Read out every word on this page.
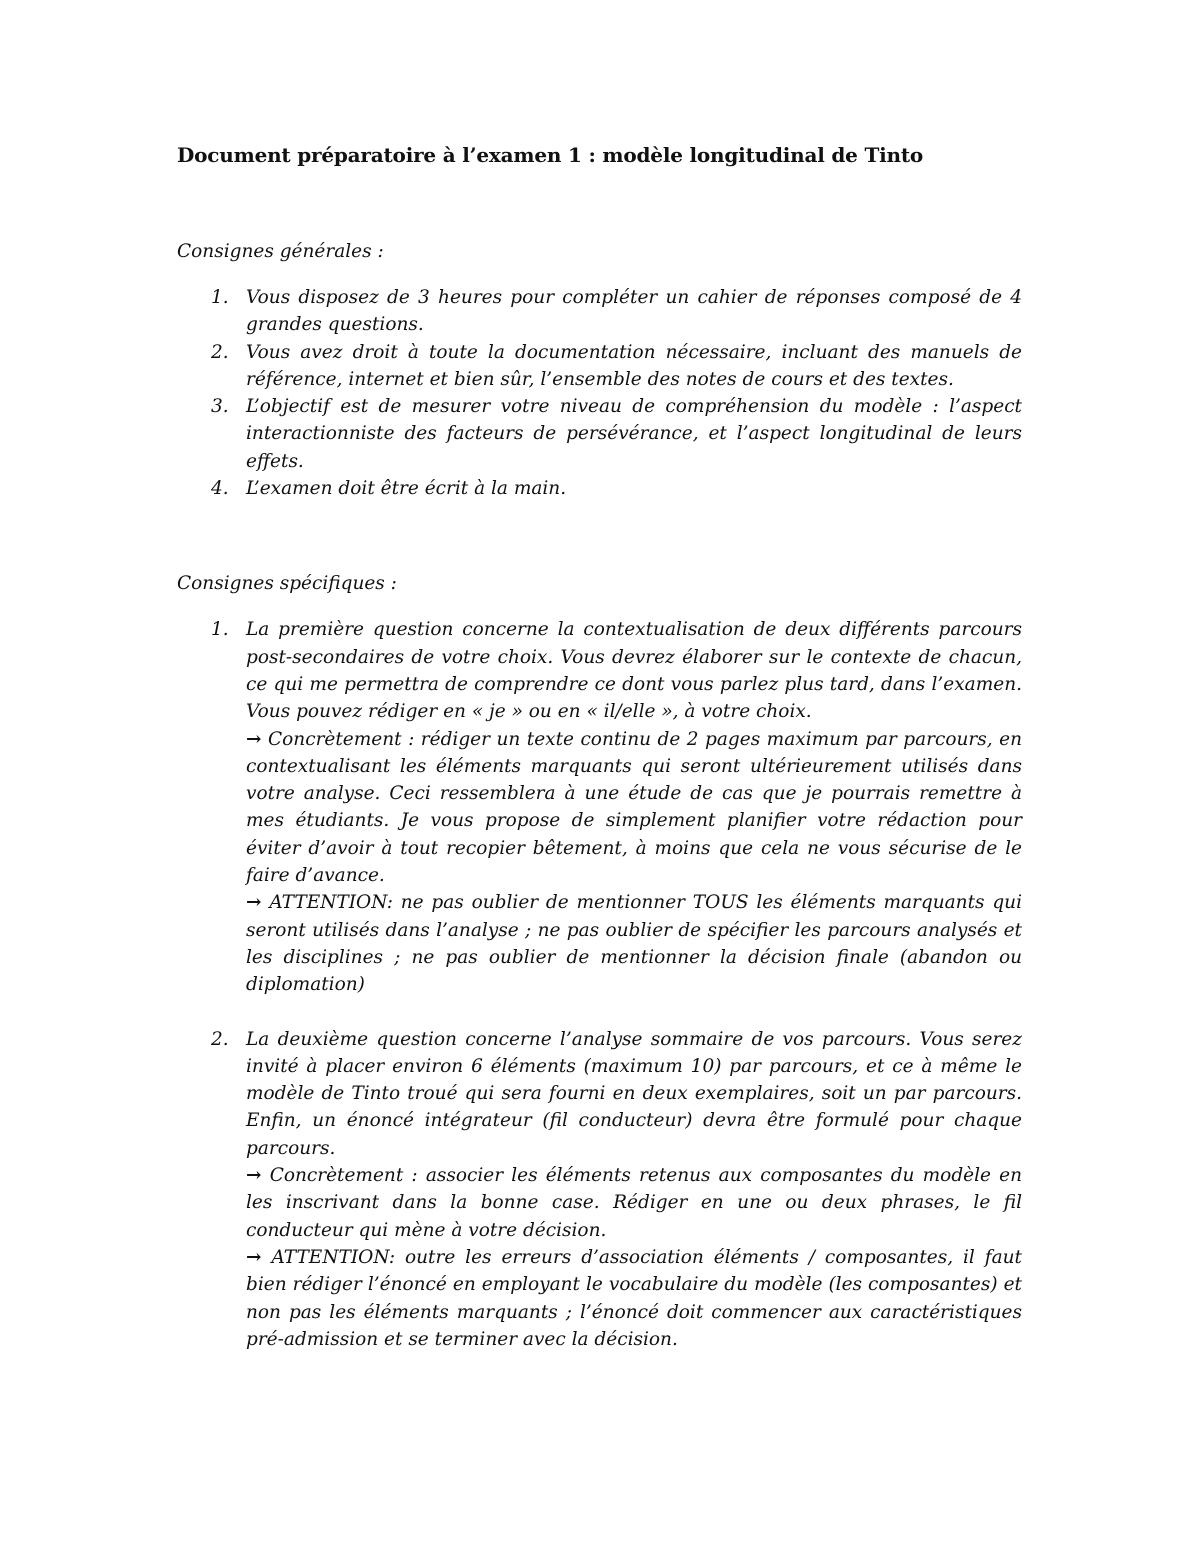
Document préparatoire à l’examen 1 : modèle longitudinal de Tinto

Consignes générales :

1. Vous disposez de 3 heures pour compléter un cahier de réponses composé de 4 grandes questions.
2. Vous avez droit à toute la documentation nécessaire, incluant des manuels de référence, internet et bien sûr, l’ensemble des notes de cours et des textes.
3. L’objectif est de mesurer votre niveau de compréhension du modèle : l’aspect interactionniste des facteurs de persévérance, et l’aspect longitudinal de leurs effets.
4. L’examen doit être écrit à la main.

Consignes spécifiques :

1. La première question concerne la contextualisation de deux différents parcours post-secondaires de votre choix. Vous devrez élaborer sur le contexte de chacun, ce qui me permettra de comprendre ce dont vous parlez plus tard, dans l’examen. Vous pouvez rédiger en « je » ou en « il/elle », à votre choix.
→ Concrètement : rédiger un texte continu de 2 pages maximum par parcours, en contextualisant les éléments marquants qui seront ultérieurement utilisés dans votre analyse. Ceci ressemblera à une étude de cas que je pourrais remettre à mes étudiants. Je vous propose de simplement planifier votre rédaction pour éviter d’avoir à tout recopier bêtement, à moins que cela ne vous sécurise de le faire d’avance.
→ ATTENTION: ne pas oublier de mentionner TOUS les éléments marquants qui seront utilisés dans l’analyse ; ne pas oublier de spécifier les parcours analysés et les disciplines ; ne pas oublier de mentionner la décision finale (abandon ou diplomation)
2. La deuxième question concerne l’analyse sommaire de vos parcours. Vous serez invité à placer environ 6 éléments (maximum 10) par parcours, et ce à même le modèle de Tinto troué qui sera fourni en deux exemplaires, soit un par parcours. Enfin, un énoncé intégrateur (fil conducteur) devra être formulé pour chaque parcours.
→ Concrètement : associer les éléments retenus aux composantes du modèle en les inscrivant dans la bonne case. Rédiger en une ou deux phrases, le fil conducteur qui mène à votre décision.
→ ATTENTION: outre les erreurs d’association éléments / composantes, il faut bien rédiger l’énoncé en employant le vocabulaire du modèle (les composantes) et non pas les éléments marquants ; l’énoncé doit commencer aux caractéristiques pré-admission et se terminer avec la décision.
